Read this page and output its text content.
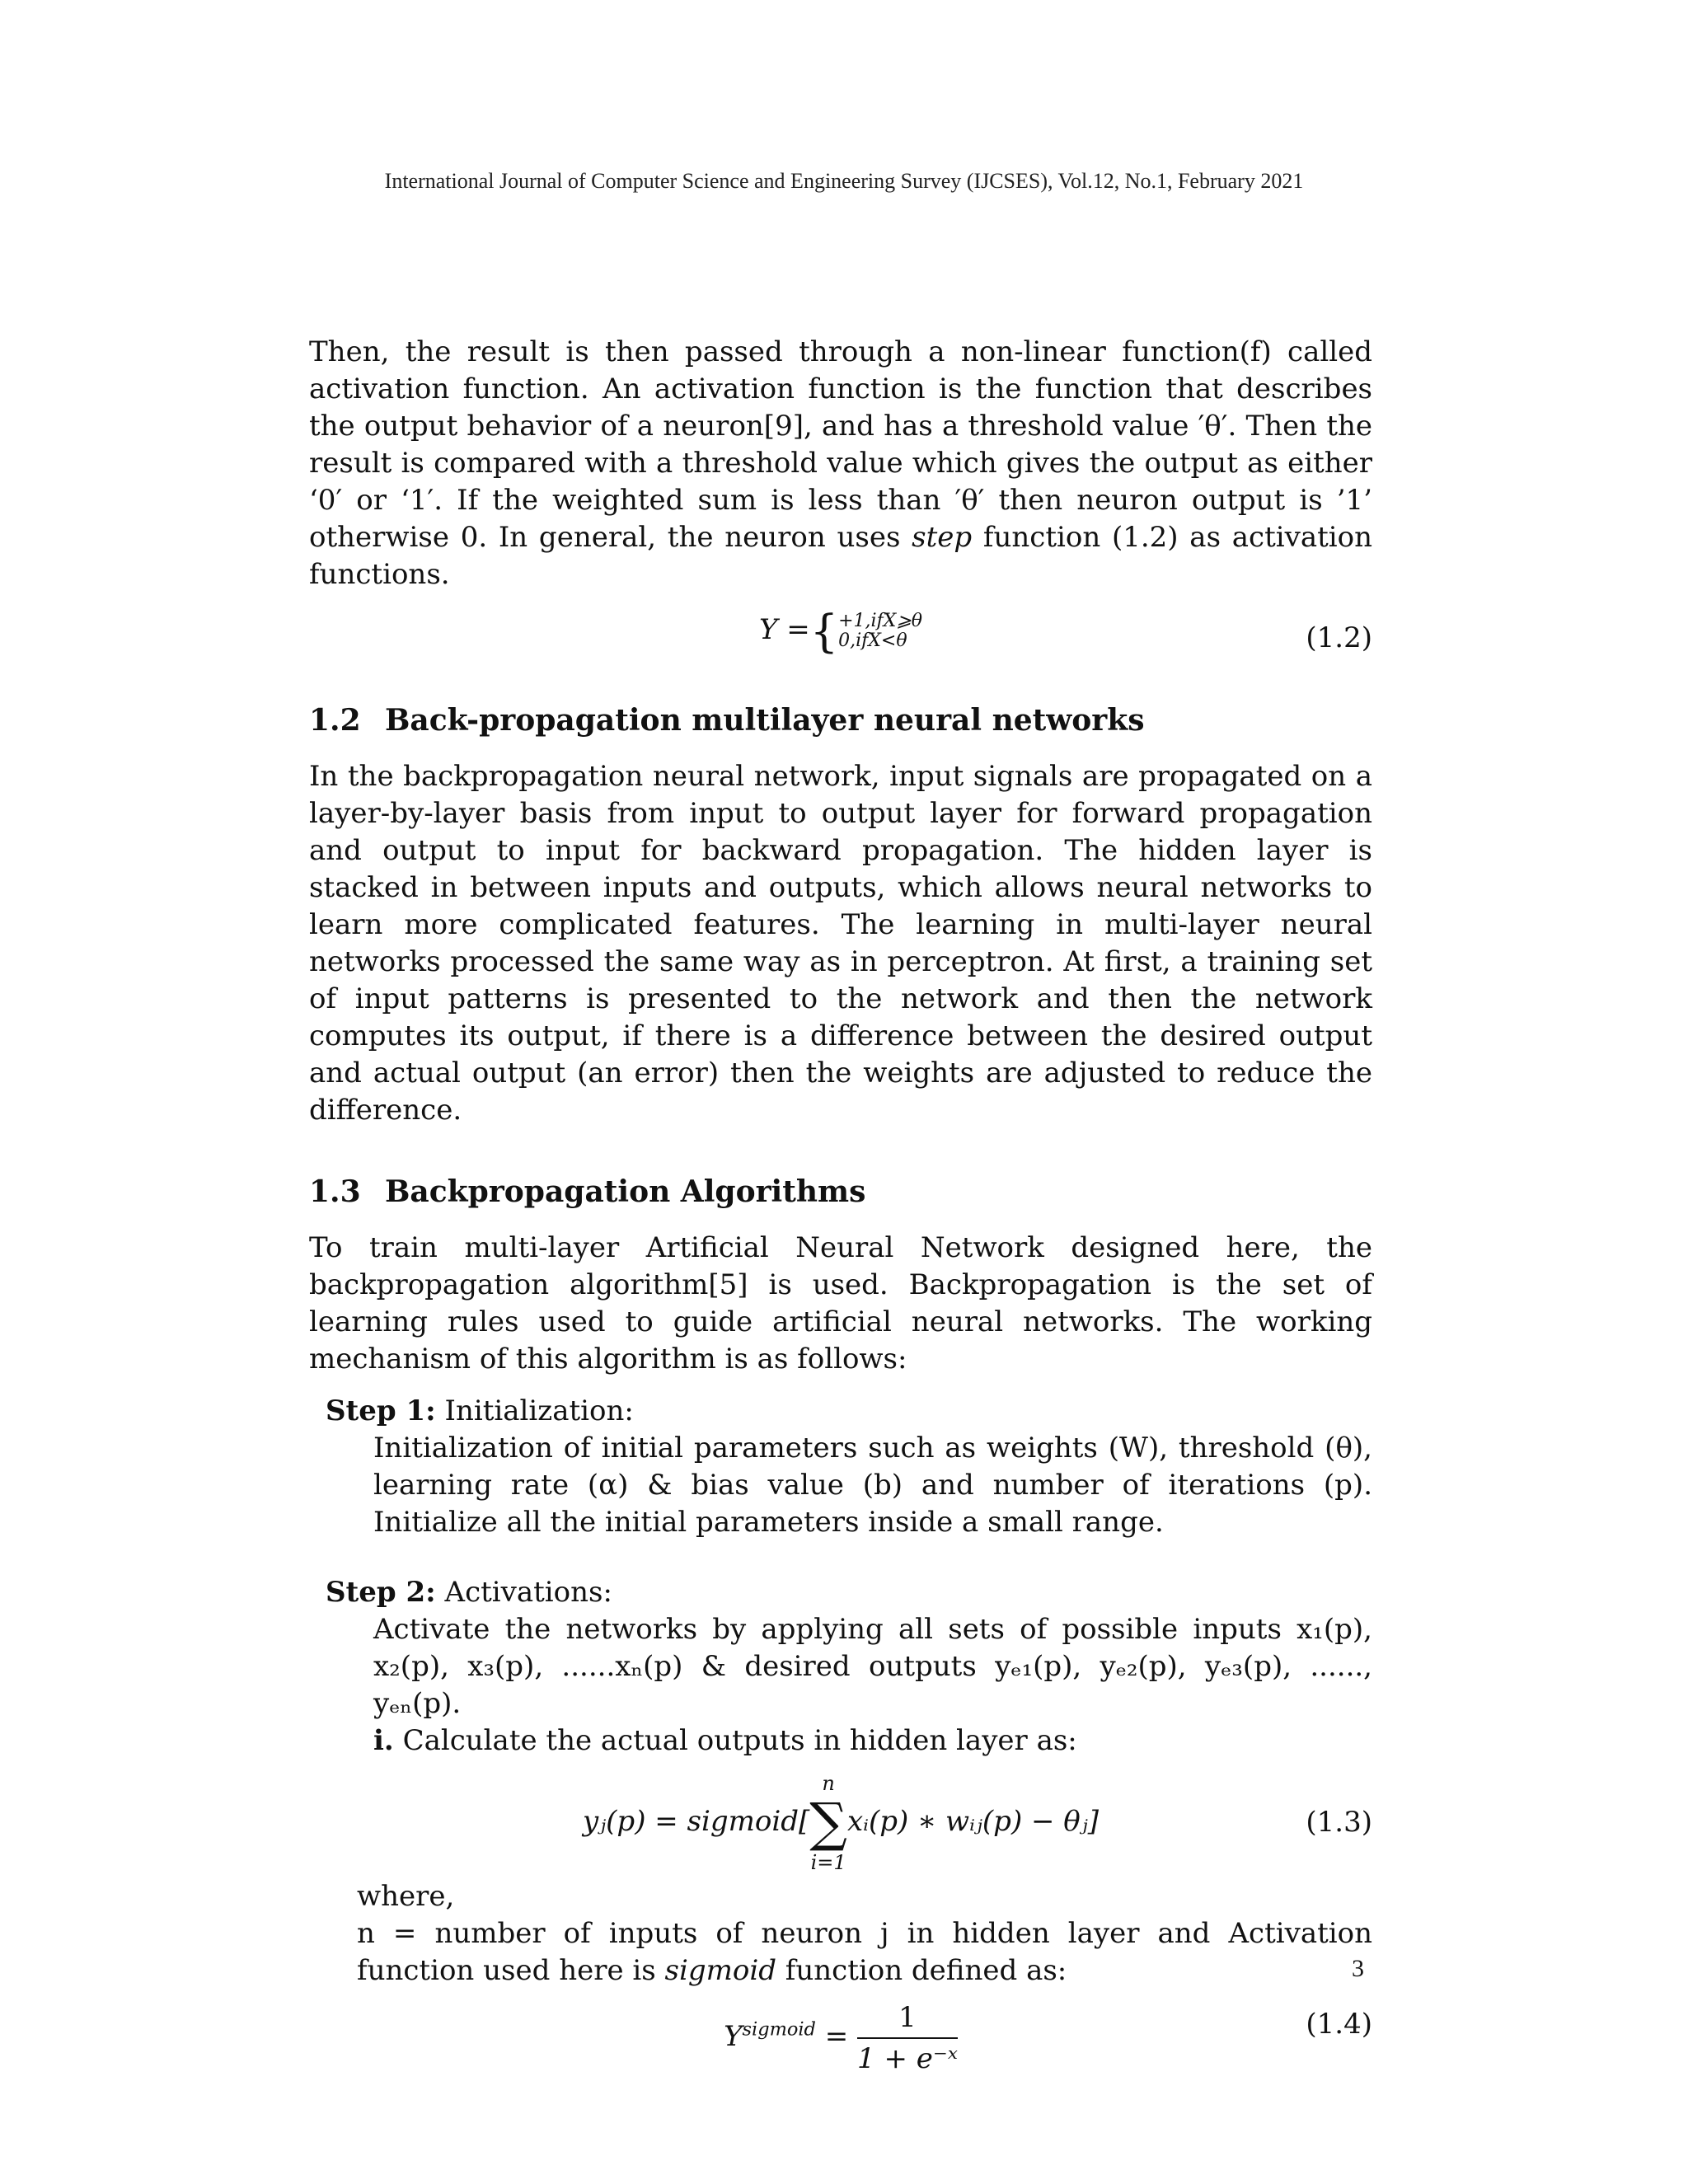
International Journal of Computer Science and Engineering Survey (IJCSES), Vol.12, No.1, February 2021

Then, the result is then passed through a non-linear function(f) called activation function. An activation function is the function that describes the output behavior of a neuron[9], and has a threshold value ′θ′. Then the result is compared with a threshold value which gives the output as either ‘0′ or ‘1′. If the weighted sum is less than ′θ′ then neuron output is ’1’ otherwise 0. In general, the neuron uses step function (1.2) as activation functions.

Y ={+1,ifX⩾θ
0,ifX<θ	(1.2)
1.2 Back-propagation multilayer neural networks

In the backpropagation neural network, input signals are propagated on a layer-by-layer basis from input to output layer for forward propagation and output to input for backward propagation. The hidden layer is stacked in between inputs and outputs, which allows neural networks to learn more complicated features. The learning in multi-layer neural networks processed the same way as in perceptron. At first, a training set of input patterns is presented to the network and then the network computes its output, if there is a difference between the desired output and actual output (an error) then the weights are adjusted to reduce the difference.

1.3 Backpropagation Algorithms

To train multi-layer Artificial Neural Network designed here, the backpropagation algorithm[5] is used. Backpropagation is the set of learning rules used to guide artificial neural networks. The working mechanism of this algorithm is as follows:

Step 1: Initialization:

Initialization of initial parameters such as weights (W), threshold (θ), learning rate (α) & bias value (b) and number of iterations (p). Initialize all the initial parameters inside a small range.

Step 2: Activations:

Activate the networks by applying all sets of possible inputs x₁(p), x₂(p), x₃(p), ......xₙ(p) & desired outputs yₑ₁(p), yₑ₂(p), yₑ₃(p), ......, yₑₙ(p).

i. Calculate the actual outputs in hidden layer as:
yⱼ(p) = sigmoid[
n
∑
i=1
xᵢ(p) ∗ wᵢⱼ(p) − θⱼ]	(1.3)
where,

n = number of inputs of neuron j in hidden layer and Activation function used here is sigmoid function defined as:

$Y^{sigmoid} = \frac{1}{\text{1 + e⁻ˣ}}$	(1.4)
3
